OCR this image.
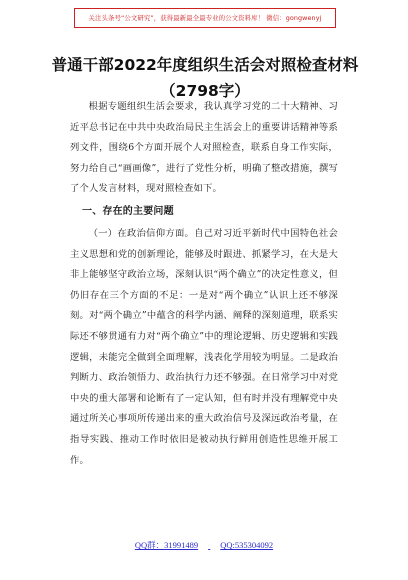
关注头条号“公文研究”，获得最新最全最专业的公文资料库！ 微信：gongwenyj
普通干部2022年度组织生活会对照检查材料（2798字）

根据专题组织生活会要求，我认真学习党的二十大精神、习近平总书记在中共中央政治局民主生活会上的重要讲话精神等系列文件，围绕6个方面开展个人对照检查，联系自身工作实际，努力给自己“画画像”，进行了党性分析，明确了整改措施，撰写了个人发言材料，现对照检查如下。

一、存在的主要问题

（一）在政治信仰方面。自己对习近平新时代中国特色社会主义思想和党的创新理论，能够及时跟进、抓紧学习，在大是大非上能够坚守政治立场，深刻认识“两个确立”的决定性意义，但仍旧存在三个方面的不足：一是对“两个确立”认识上还不够深刻。对“两个确立”中蕴含的科学内涵、阐释的深刻道理，联系实际还不够贯通有力对“两个确立”中的理论逻辑、历史逻辑和实践逻辑，未能完全做到全面理解，浅表化学用较为明显。二是政治判断力、政治领悟力、政治执行力还不够强。在日常学习中对党中央的重大部署和论断有了一定认知，但有时并没有理解党中央通过所关心事项所传递出来的重大政治信号及深远政治考量，在指导实践、推动工作时依旧是被动执行鲜用创造性思维开展工作。

QQ群：31991489	QQ:535304092
